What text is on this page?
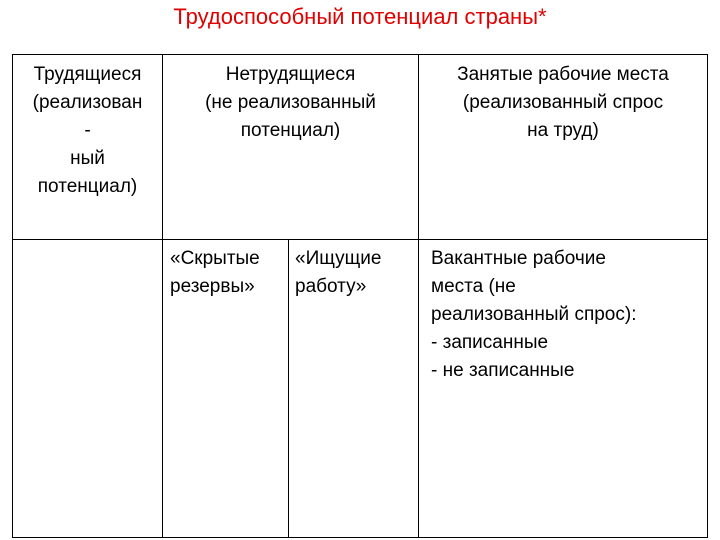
Трудоспособный потенциал страны*
Трудящиеся
(реализован
-
ный
потенциал)
Нетрудящиеся
(не реализованный
потенциал)
Занятые рабочие места
(реализованный спрос
на труд)
«Скрытые
резервы»
«Ищущие
работу»
Вакантные рабочие
места (не
реализованный спрос):
- записанные
- не записанные
